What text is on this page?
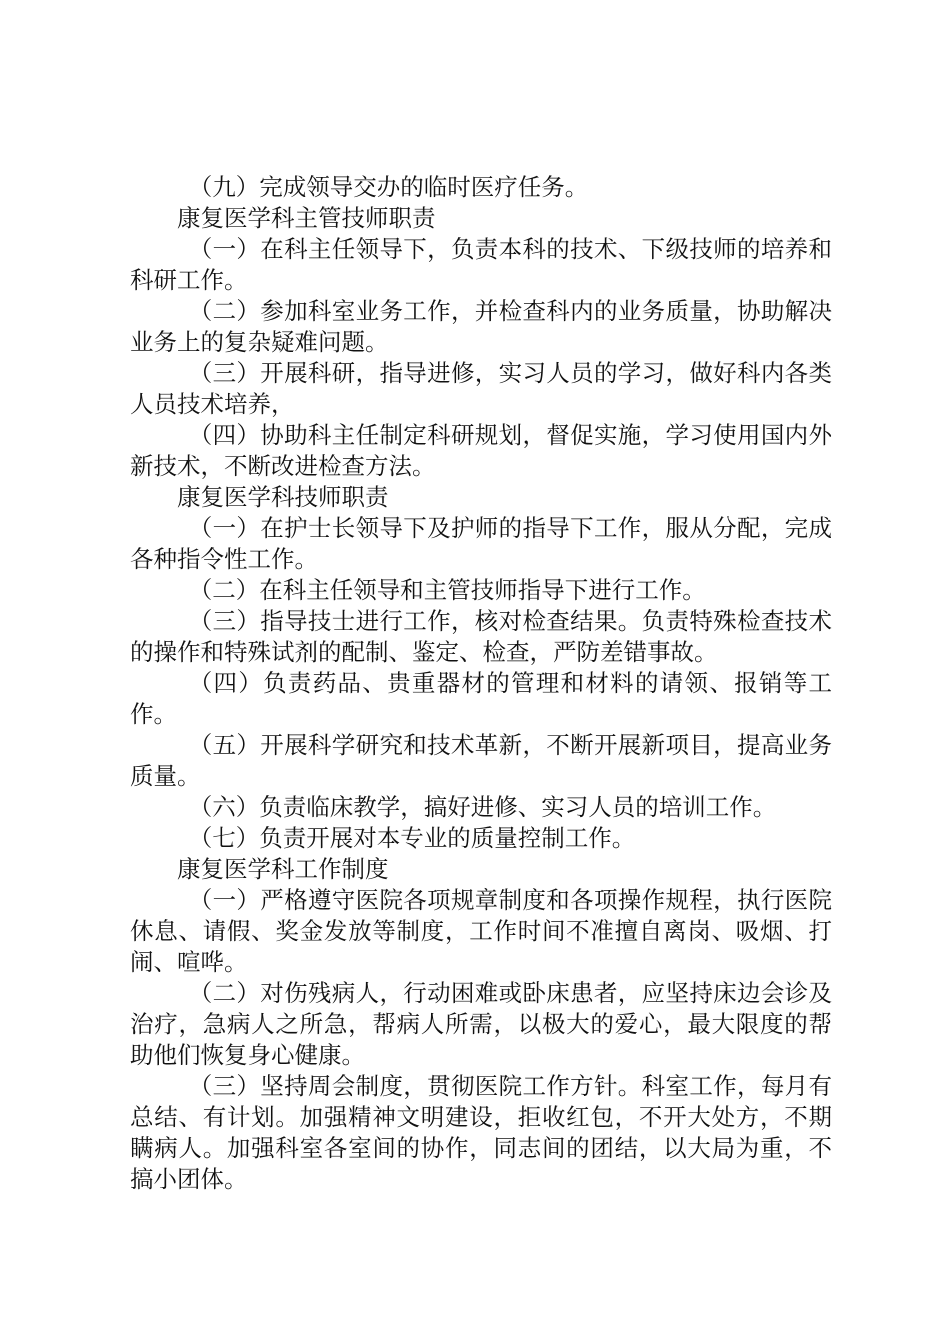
（九）完成领导交办的临时医疗任务。

康复医学科主管技师职责

（一）在科主任领导下，负责本科的技术、下级技师的培养和科研工作。

（二）参加科室业务工作，并检查科内的业务质量，协助解决业务上的复杂疑难问题。

（三）开展科研，指导进修，实习人员的学习，做好科内各类人员技术培养，

（四）协助科主任制定科研规划，督促实施，学习使用国内外新技术，不断改进检查方法。

康复医学科技师职责

（一）在护士长领导下及护师的指导下工作，服从分配，完成各种指令性工作。

（二）在科主任领导和主管技师指导下进行工作。

（三）指导技士进行工作，核对检查结果。负责特殊检查技术的操作和特殊试剂的配制、鉴定、检查，严防差错事故。

（四）负责药品、贵重器材的管理和材料的请领、报销等工作。

（五）开展科学研究和技术革新，不断开展新项目，提高业务质量。

（六）负责临床教学，搞好进修、实习人员的培训工作。

（七）负责开展对本专业的质量控制工作。

康复医学科工作制度

（一）严格遵守医院各项规章制度和各项操作规程，执行医院休息、请假、奖金发放等制度，工作时间不准擅自离岗、吸烟、打闹、喧哗。

（二）对伤残病人，行动困难或卧床患者，应坚持床边会诊及治疗，急病人之所急，帮病人所需，以极大的爱心，最大限度的帮助他们恢复身心健康。

（三）坚持周会制度，贯彻医院工作方针。科室工作，每月有总结、有计划。加强精神文明建设，拒收红包，不开大处方，不期瞒病人。加强科室各室间的协作，同志间的团结，以大局为重，不搞小团体。
